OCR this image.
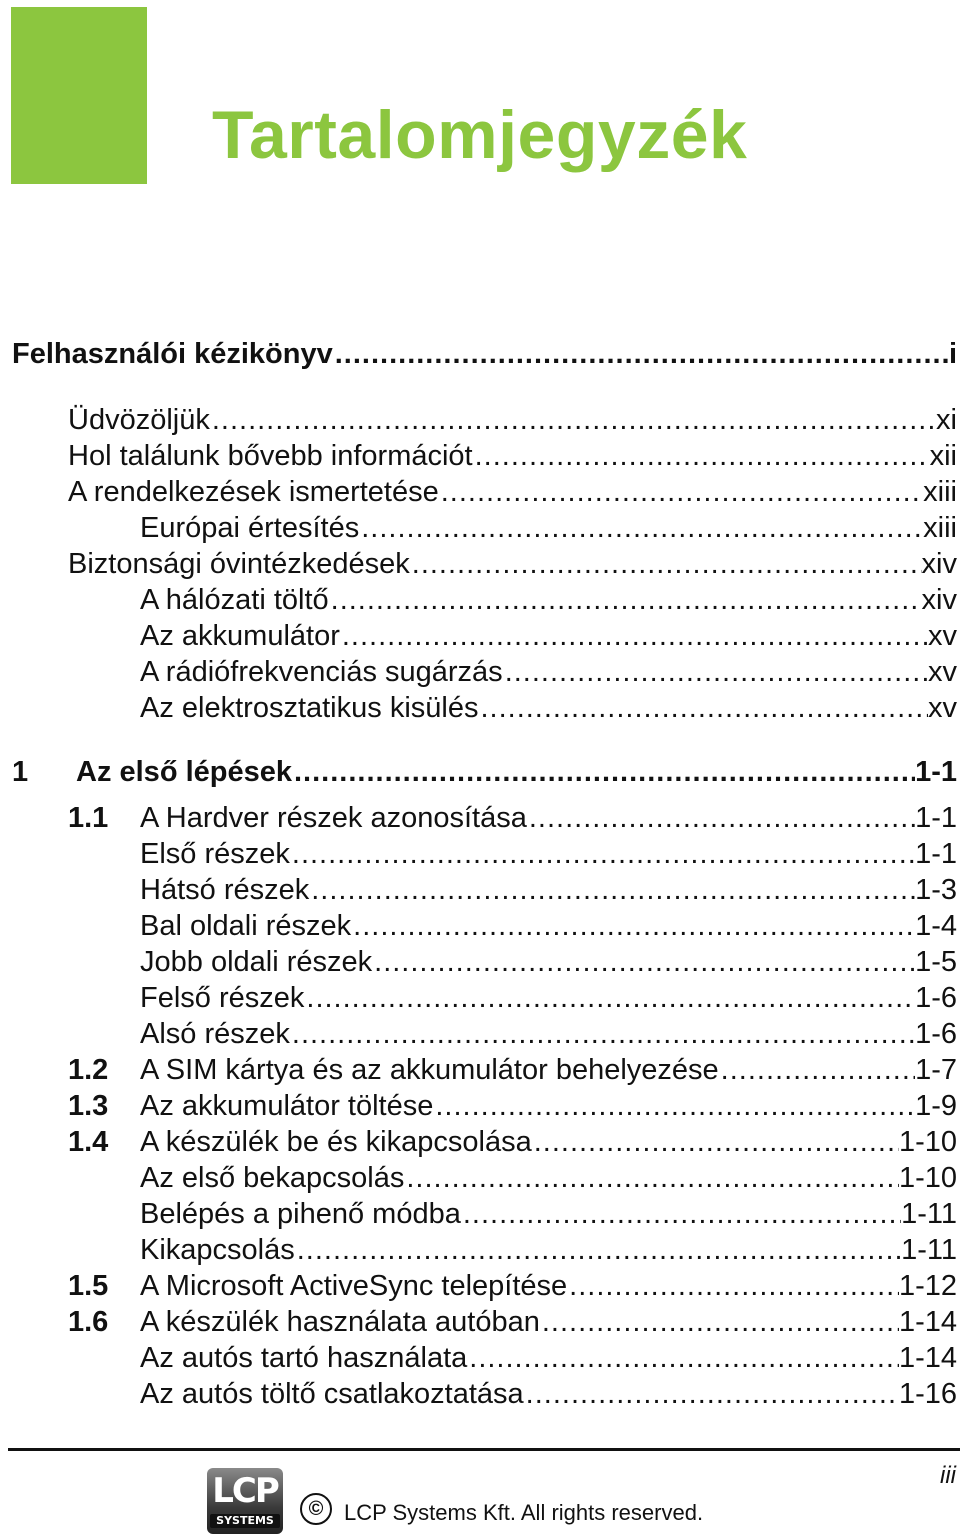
Tartalomjegyzék
Felhasználói kézikönyv .....	i
Üdvözöljük .....	xi
Hol találunk bővebb információt .....	xii
A rendelkezések ismertetése .....	xiii
Európai értesítés .....	xiii
Biztonsági óvintézkedések .....	xiv
A hálózati töltő .....	xiv
Az akkumulátor .....	xv
A rádiófrekvenciás sugárzás .....	xv
Az elektrosztatikus kisülés .....	xv
1 Az első lépések .....	1-1
1.1 A Hardver részek azonosítása .....	1-1
Első részek .....	1-1
Hátsó részek .....	1-3
Bal oldali részek .....	1-4
Jobb oldali részek .....	1-5
Felső részek .....	1-6
Alsó részek .....	1-6
1.2 A SIM kártya és az akkumulátor behelyezése .....	1-7
1.3 Az akkumulátor töltése .....	1-9
1.4 A készülék be és kikapcsolása .....	1-10
Az első bekapcsolás .....	1-10
Belépés a pihenő módba .....	1-11
Kikapcsolás .....	1-11
1.5 A Microsoft ActiveSync telepítése .....	1-12
1.6 A készülék használata autóban .....	1-14
Az autós tartó használata .....	1-14
Az autós töltő csatlakoztatása .....	1-16
iii
LCP
SYSTEMS
© LCP Systems Kft. All rights reserved.
